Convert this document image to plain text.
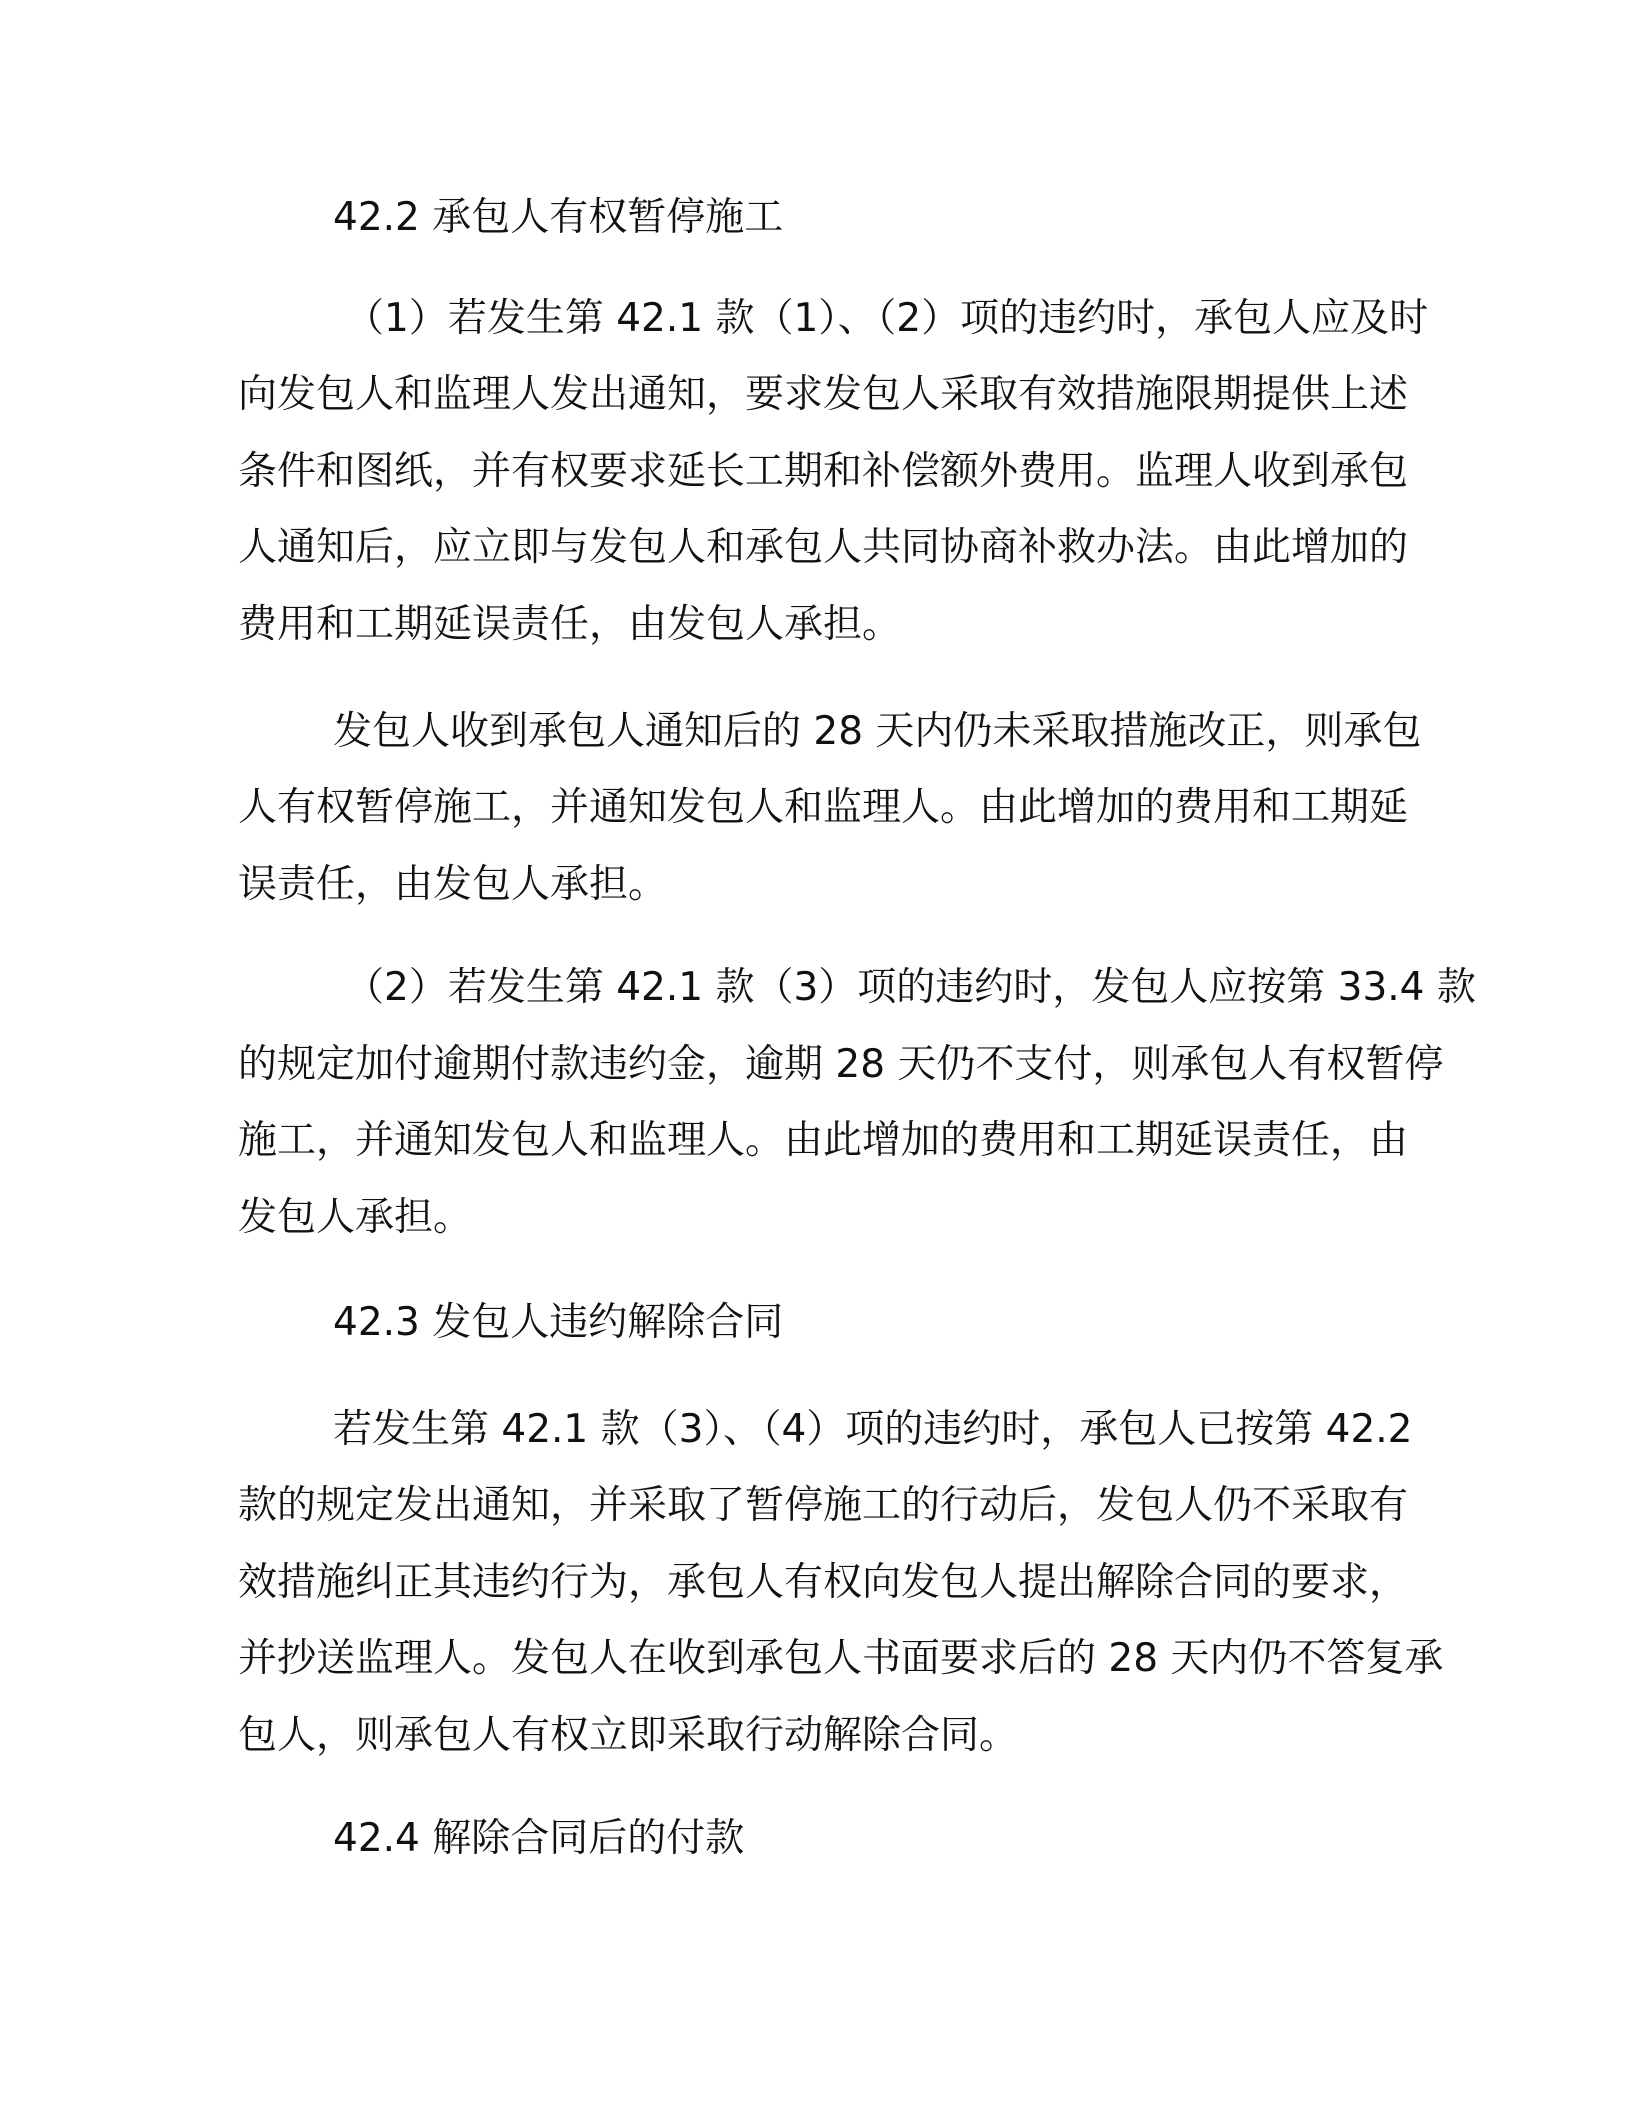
42.2 承包人有权暂停施工
（1）若发生第 42.1 款（1）、（2）项的违约时，承包人应及时
向发包人和监理人发出通知，要求发包人采取有效措施限期提供上述
条件和图纸，并有权要求延长工期和补偿额外费用。监理人收到承包
人通知后，应立即与发包人和承包人共同协商补救办法。由此增加的
费用和工期延误责任，由发包人承担。
发包人收到承包人通知后的 28 天内仍未采取措施改正，则承包
人有权暂停施工，并通知发包人和监理人。由此增加的费用和工期延
误责任，由发包人承担。
（2）若发生第 42.1 款（3）项的违约时，发包人应按第 33.4 款
的规定加付逾期付款违约金，逾期 28 天仍不支付，则承包人有权暂停
施工，并通知发包人和监理人。由此增加的费用和工期延误责任，由
发包人承担。
42.3 发包人违约解除合同
若发生第 42.1 款（3）、（4）项的违约时，承包人已按第 42.2
款的规定发出通知，并采取了暂停施工的行动后，发包人仍不采取有
效措施纠正其违约行为，承包人有权向发包人提出解除合同的要求，
并抄送监理人。发包人在收到承包人书面要求后的 28 天内仍不答复承
包人，则承包人有权立即采取行动解除合同。
42.4 解除合同后的付款
